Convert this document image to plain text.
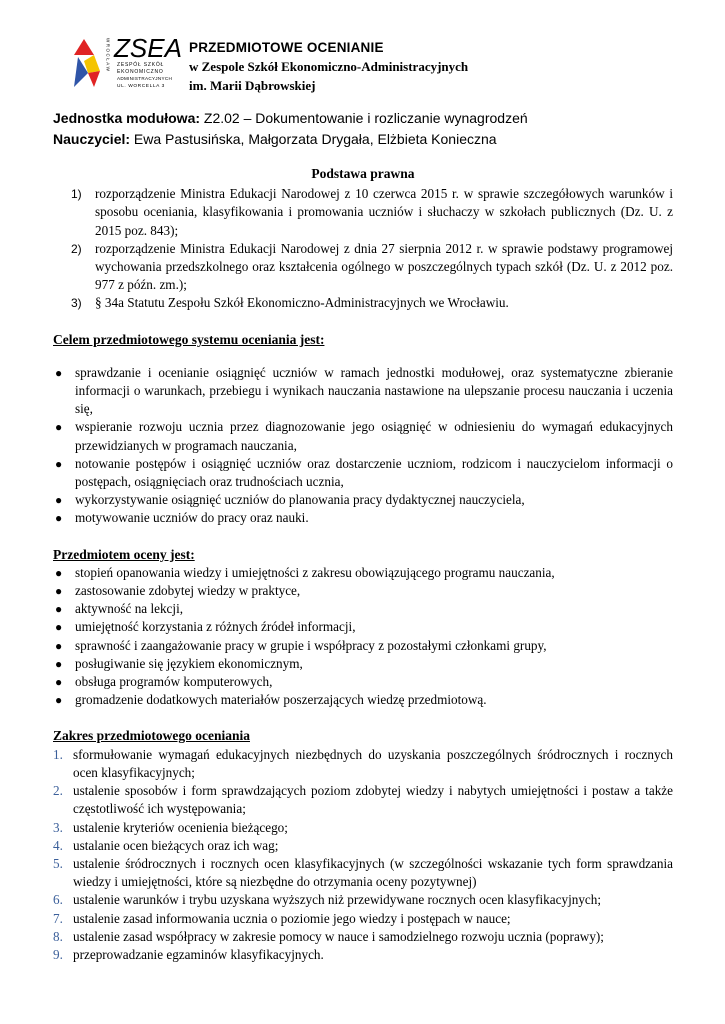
WROCŁAW ZSEA
ZESPÓŁ SZKÓŁ
EKONOMICZNO
ADMINISTRACYJNYCH
UL. WORCELLA 3
PRZEDMIOTOWE OCENIANIE
w Zespole Szkół Ekonomiczno-Administracyjnych
im. Marii Dąbrowskiej
Jednostka modułowa: Z2.02 – Dokumentowanie i rozliczanie wynagrodzeń
Nauczyciel: Ewa Pastusińska, Małgorzata Drygała, Elżbieta Konieczna
Podstawa prawna
1) rozporządzenie Ministra Edukacji Narodowej z 10 czerwca 2015 r. w sprawie szczegółowych warunków i sposobu oceniania, klasyfikowania i promowania uczniów i słuchaczy w szkołach publicznych (Dz. U. z 2015 poz. 843);
2) rozporządzenie Ministra Edukacji Narodowej z dnia 27 sierpnia 2012 r. w sprawie podstawy programowej wychowania przedszkolnego oraz kształcenia ogólnego w poszczególnych typach szkół (Dz. U. z 2012 poz. 977 z późn. zm.);
3) § 34a Statutu Zespołu Szkół Ekonomiczno-Administracyjnych we Wrocławiu.
Celem przedmiotowego systemu oceniania jest:
● sprawdzanie i ocenianie osiągnięć uczniów w ramach jednostki modułowej, oraz systematyczne zbieranie informacji o warunkach, przebiegu i wynikach nauczania nastawione na ulepszanie procesu nauczania i uczenia się,
● wspieranie rozwoju ucznia przez diagnozowanie jego osiągnięć w odniesieniu do wymagań edukacyjnych przewidzianych w programach nauczania,
● notowanie postępów i osiągnięć uczniów oraz dostarczenie uczniom, rodzicom i nauczycielom informacji o postępach, osiągnięciach oraz trudnościach ucznia,
● wykorzystywanie osiągnięć uczniów do planowania pracy dydaktycznej nauczyciela,
● motywowanie uczniów do pracy oraz nauki.
Przedmiotem oceny jest:
● stopień opanowania wiedzy i umiejętności z zakresu obowiązującego programu nauczania,
● zastosowanie zdobytej wiedzy w praktyce,
● aktywność na lekcji,
● umiejętność korzystania z różnych źródeł informacji,
● sprawność i zaangażowanie pracy w grupie i współpracy z pozostałymi członkami grupy,
● posługiwanie się językiem ekonomicznym,
● obsługa programów komputerowych,
● gromadzenie dodatkowych materiałów poszerzających wiedzę przedmiotową.
Zakres przedmiotowego oceniania
1. sformułowanie wymagań edukacyjnych niezbędnych do uzyskania poszczególnych śródrocznych i rocznych ocen klasyfikacyjnych;
2. ustalenie sposobów i form sprawdzających poziom zdobytej wiedzy i nabytych umiejętności i postaw a także częstotliwość ich występowania;
3. ustalenie kryteriów ocenienia bieżącego;
4. ustalanie ocen bieżących oraz ich wag;
5. ustalenie śródrocznych i rocznych ocen klasyfikacyjnych (w szczególności wskazanie tych form sprawdzania wiedzy i umiejętności, które są niezbędne do otrzymania oceny pozytywnej)
6. ustalenie warunków i trybu uzyskana wyższych niż przewidywane rocznych ocen klasyfikacyjnych;
7. ustalenie zasad informowania ucznia o poziomie jego wiedzy i postępach w nauce;
8. ustalenie zasad współpracy w zakresie pomocy w nauce i samodzielnego rozwoju ucznia (poprawy);
9. przeprowadzanie egzaminów klasyfikacyjnych.
